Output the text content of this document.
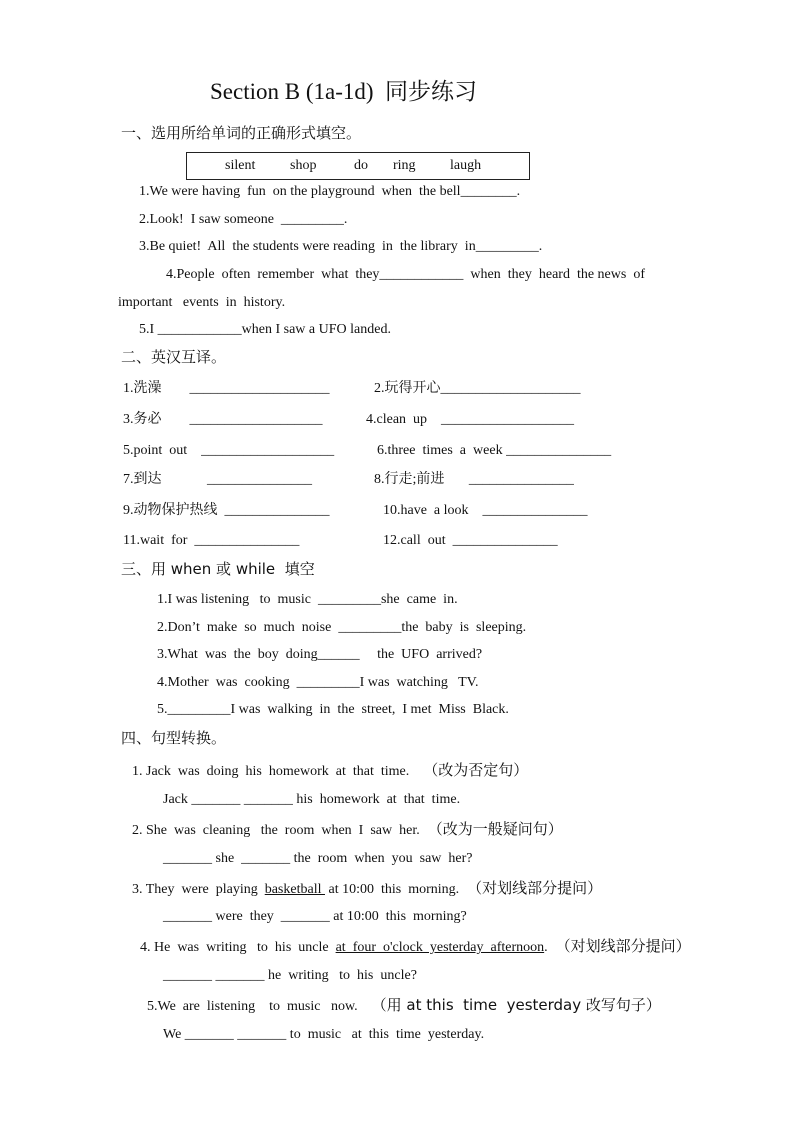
Section B (1a-1d)  同步练习
一、选用所给单词的正确形式填空。
silent shop	do ring laugh
1.We were having  fun  on the playground  when  the bell________.
2.Look!  I saw someone  _________.
3.Be quiet!  All  the students were reading  in  the library  in_________.
4.People  often  remember  what  they____________  when  they  heard  the news  of
important   events  in  history.
5.I ____________when I saw a UFO landed.
二、英汉互译。
1.洗澡        ____________________	2.玩得开心____________________
3.务必        ___________________	4.clean  up    ___________________
5.point  out    ___________________	6.three  times  a  week _______________
7.到达             _______________	8.行走;前进       _______________
9.动物保护热线  _______________	10.have  a look    _______________
11.wait  for  _______________	12.call  out  _______________
三、用 when 或 while  填空
1.I was listening   to  music  _________she  came  in.
2.Don’t  make  so  much  noise  _________the  baby  is  sleeping.
3.What  was  the  boy  doing______     the  UFO  arrived?
4.Mother  was  cooking  _________I was  watching   TV.
5._________I was  walking  in  the  street,  I met  Miss  Black.
四、句型转换。
1. Jack  was  doing  his  homework  at  that  time. （改为否定句）
Jack _______ _______ his  homework  at  that  time.
2. She  was  cleaning   the  room  when  I  saw  her. （改为一般疑问句）
_______ she  _______ the  room  when  you  saw  her?
3. They  were  playing  basketball  at 10:00  this  morning. （对划线部分提问）
_______ were  they  _______ at 10:00  this  morning?
4. He  was  writing   to  his  uncle  at  four  o'clock  yesterday  afternoon. （对划线部分提问）
_______ _______ he  writing   to  his  uncle?
5.We  are  listening    to  music   now. （用 at this  time  yesterday 改写句子）
We _______ _______ to  music   at  this  time  yesterday.
